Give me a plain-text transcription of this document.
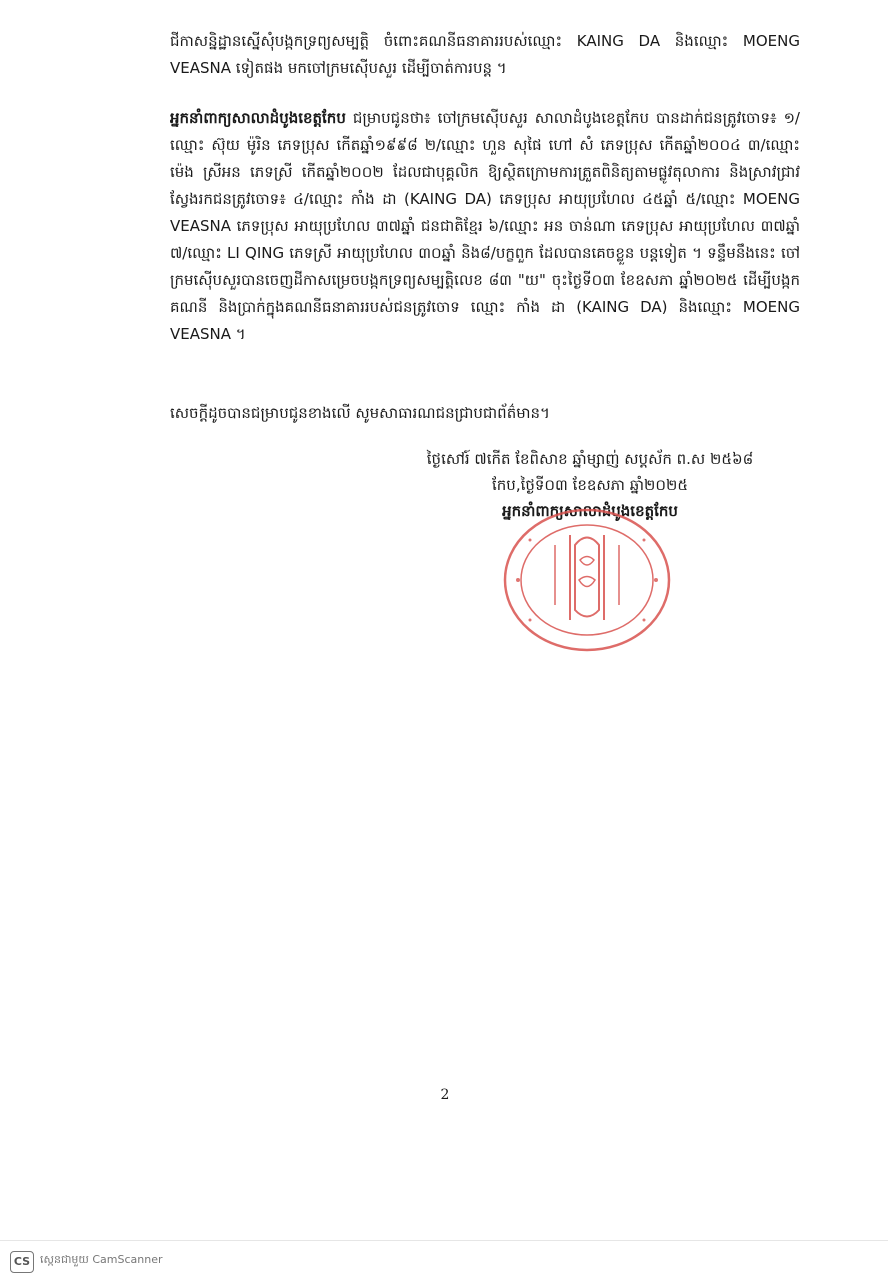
ជីកាសន្និដ្ឋានស្នើសុំបង្កកទ្រព្យសម្បត្តិ ចំពោះគណនីធនាគាររបស់ឈ្មោះ KAING DA និងឈ្មោះ MOENG VEASNA ទៀតផង មកចៅក្រមស៊ើបសួរ ដើម្បីចាត់ការបន្ត ។
អ្នកនាំពាក្យសាលាដំបូងខេត្តកែប ជម្រាបជូនថា៖ ចៅក្រមស៊ើបសួរ សាលាដំបូងខេត្តកែប បានដាក់ជនត្រូវចោទ៖ ១/ឈ្មោះ ស៊ុយ ម៉ូរិន ភេទប្រុស កើតឆ្នាំ១៩៩៨ ២/ឈ្មោះ ហួន សុផៃ ហៅ សំ ភេទប្រុស កើតឆ្នាំ២០០៤ ៣/ឈ្មោះ ម៉េង ស្រីអន ភេទស្រី កើតឆ្នាំ២០០២ ដែលជាបុគ្គលិក ឱ្យស្ថិតក្រោមការត្រួតពិនិត្យតាមផ្លូវតុលាការ និងស្រាវជ្រាវស្វែងរកជនត្រូវចោទ៖ ៤/ឈ្មោះ កាំង ដា (KAING DA) ភេទប្រុស អាយុប្រហែល ៤៥ឆ្នាំ ៥/ឈ្មោះ MOENG VEASNA ភេទប្រុស អាយុប្រហែល ៣៧ឆ្នាំ ជនជាតិខ្មែរ ៦/ឈ្មោះ អន ចាន់ណា ភេទប្រុស អាយុប្រហែល ៣៧ឆ្នាំ ៧/ឈ្មោះ LI QING ភេទស្រី អាយុប្រហែល ៣០ឆ្នាំ និង៨/បក្ខពួក ដែលបានគេចខ្លួន បន្តទៀត ។ ទន្ទឹមនឹងនេះ ចៅក្រមស៊ើបសួរបានចេញដីកាសម្រេចបង្កកទ្រព្យសម្បត្តិលេខ ៨៣ "យ" ចុះថ្ងៃទី០៣ ខែឧសភា ឆ្នាំ២០២៥ ដើម្បីបង្កកគណនី និងប្រាក់ក្នុងគណនីធនាគាររបស់ជនត្រូវចោទ ឈ្មោះ កាំង ដា (KAING DA) និងឈ្មោះ MOENG VEASNA ។
សេចក្តីដូចបានជម្រាបជូនខាងលើ សូមសាធារណជនជ្រាបជាព័ត៌មាន។
ថ្ងៃសៅរ៍ ៧កើត ខែពិសាខ ឆ្នាំម្សាញ់ សប្តស័ក ព.ស ២៥៦៨
កែប,ថ្ងៃទី០៣ ខែឧសភា ឆ្នាំ២០២៥
អ្នកនាំពាក្យសាលាដំបូងខេត្តកែប
2
CS ស្កេនជាមួយ CamScanner
